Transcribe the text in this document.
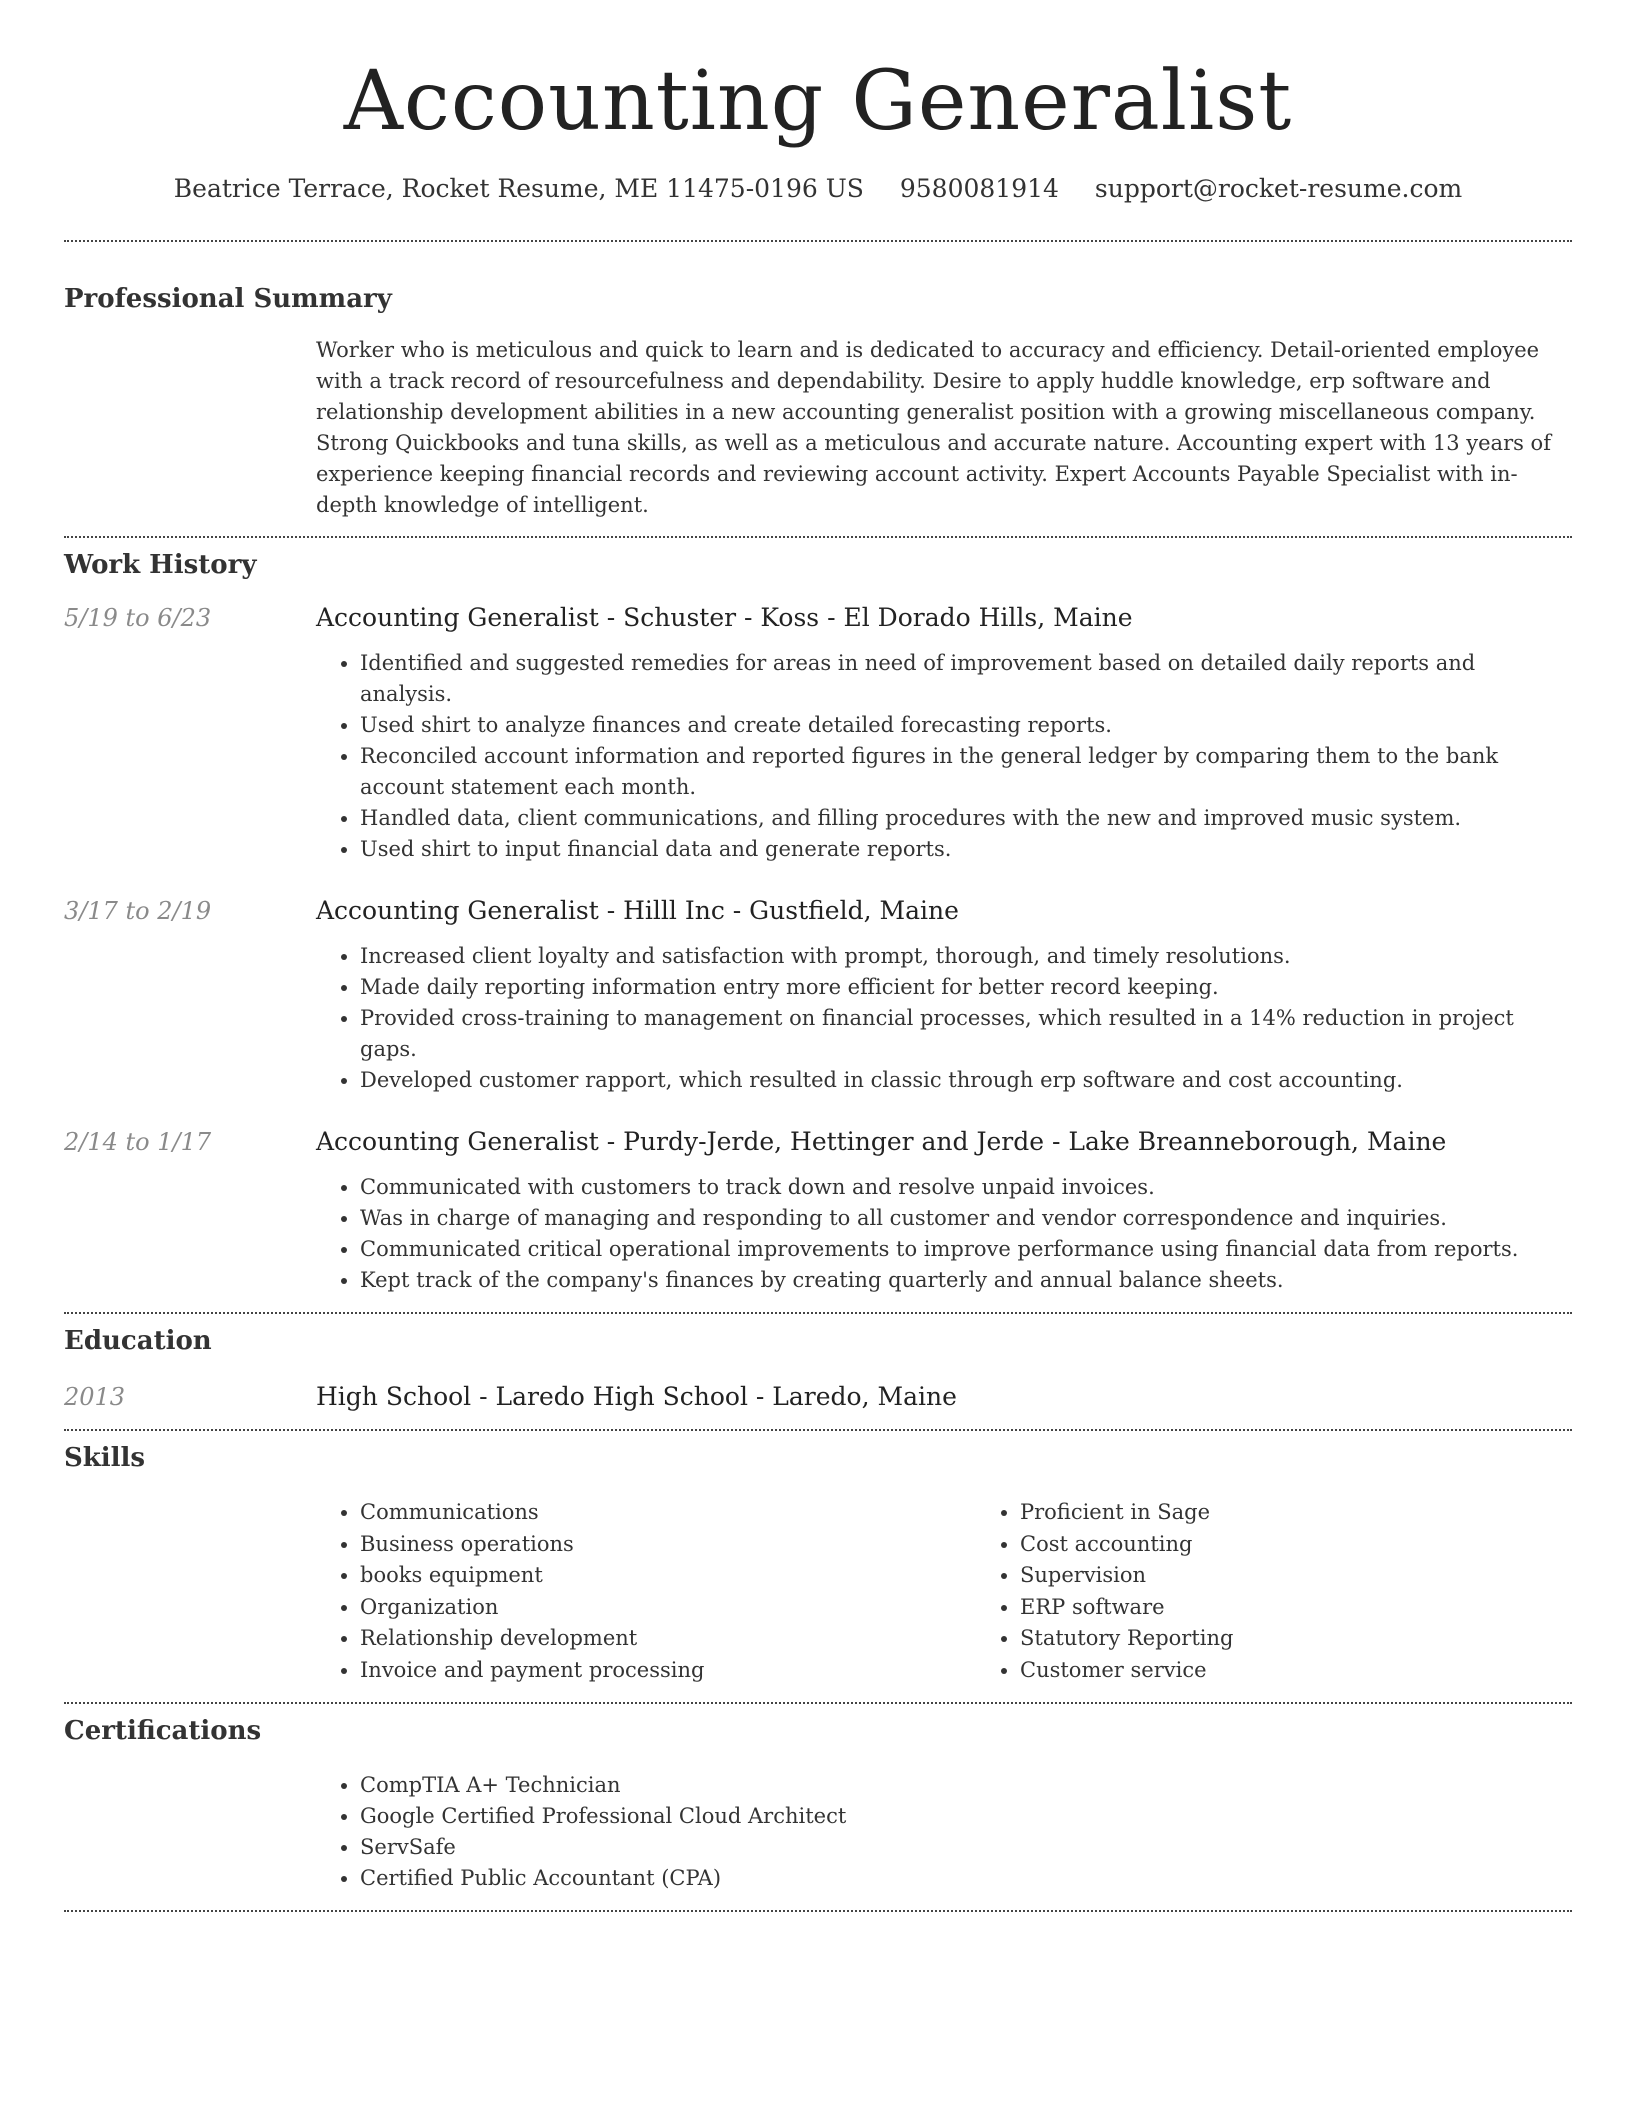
Accounting Generalist
Beatrice Terrace, Rocket Resume, ME 11475-0196 US 9580081914 support@rocket-resume.com
Professional Summary

Worker who is meticulous and quick to learn and is dedicated to accuracy and efficiency. Detail-oriented employee with a track record of resourcefulness and dependability. Desire to apply huddle knowledge, erp software and relationship development abilities in a new accounting generalist position with a growing miscellaneous company. Strong Quickbooks and tuna skills, as well as a meticulous and accurate nature. Accounting expert with 13 years of experience keeping financial records and reviewing account activity. Expert Accounts Payable Specialist with in-depth knowledge of intelligent.

Work History
5/19 to 6/23	Accounting Generalist - Schuster - Koss - El Dorado Hills, Maine
• Identified and suggested remedies for areas in need of improvement based on detailed daily reports and analysis.
• Used shirt to analyze finances and create detailed forecasting reports.
• Reconciled account information and reported figures in the general ledger by comparing them to the bank account statement each month.
• Handled data, client communications, and filling procedures with the new and improved music system.
• Used shirt to input financial data and generate reports.
3/17 to 2/19	Accounting Generalist - Hilll Inc - Gustfield, Maine
• Increased client loyalty and satisfaction with prompt, thorough, and timely resolutions.
• Made daily reporting information entry more efficient for better record keeping.
• Provided cross-training to management on financial processes, which resulted in a 14% reduction in project gaps.
• Developed customer rapport, which resulted in classic through erp software and cost accounting.
2/14 to 1/17	Accounting Generalist - Purdy-Jerde, Hettinger and Jerde - Lake Breanneborough, Maine
• Communicated with customers to track down and resolve unpaid invoices.
• Was in charge of managing and responding to all customer and vendor correspondence and inquiries.
• Communicated critical operational improvements to improve performance using financial data from reports.
• Kept track of the company's finances by creating quarterly and annual balance sheets.
Education
2013	High School - Laredo High School - Laredo, Maine
Skills
• Communications
• Business operations
• books equipment
• Organization
• Relationship development
• Invoice and payment processing
• Proficient in Sage
• Cost accounting
• Supervision
• ERP software
• Statutory Reporting
• Customer service
Certifications
• CompTIA A+ Technician
• Google Certified Professional Cloud Architect
• ServSafe
• Certified Public Accountant (CPA)
